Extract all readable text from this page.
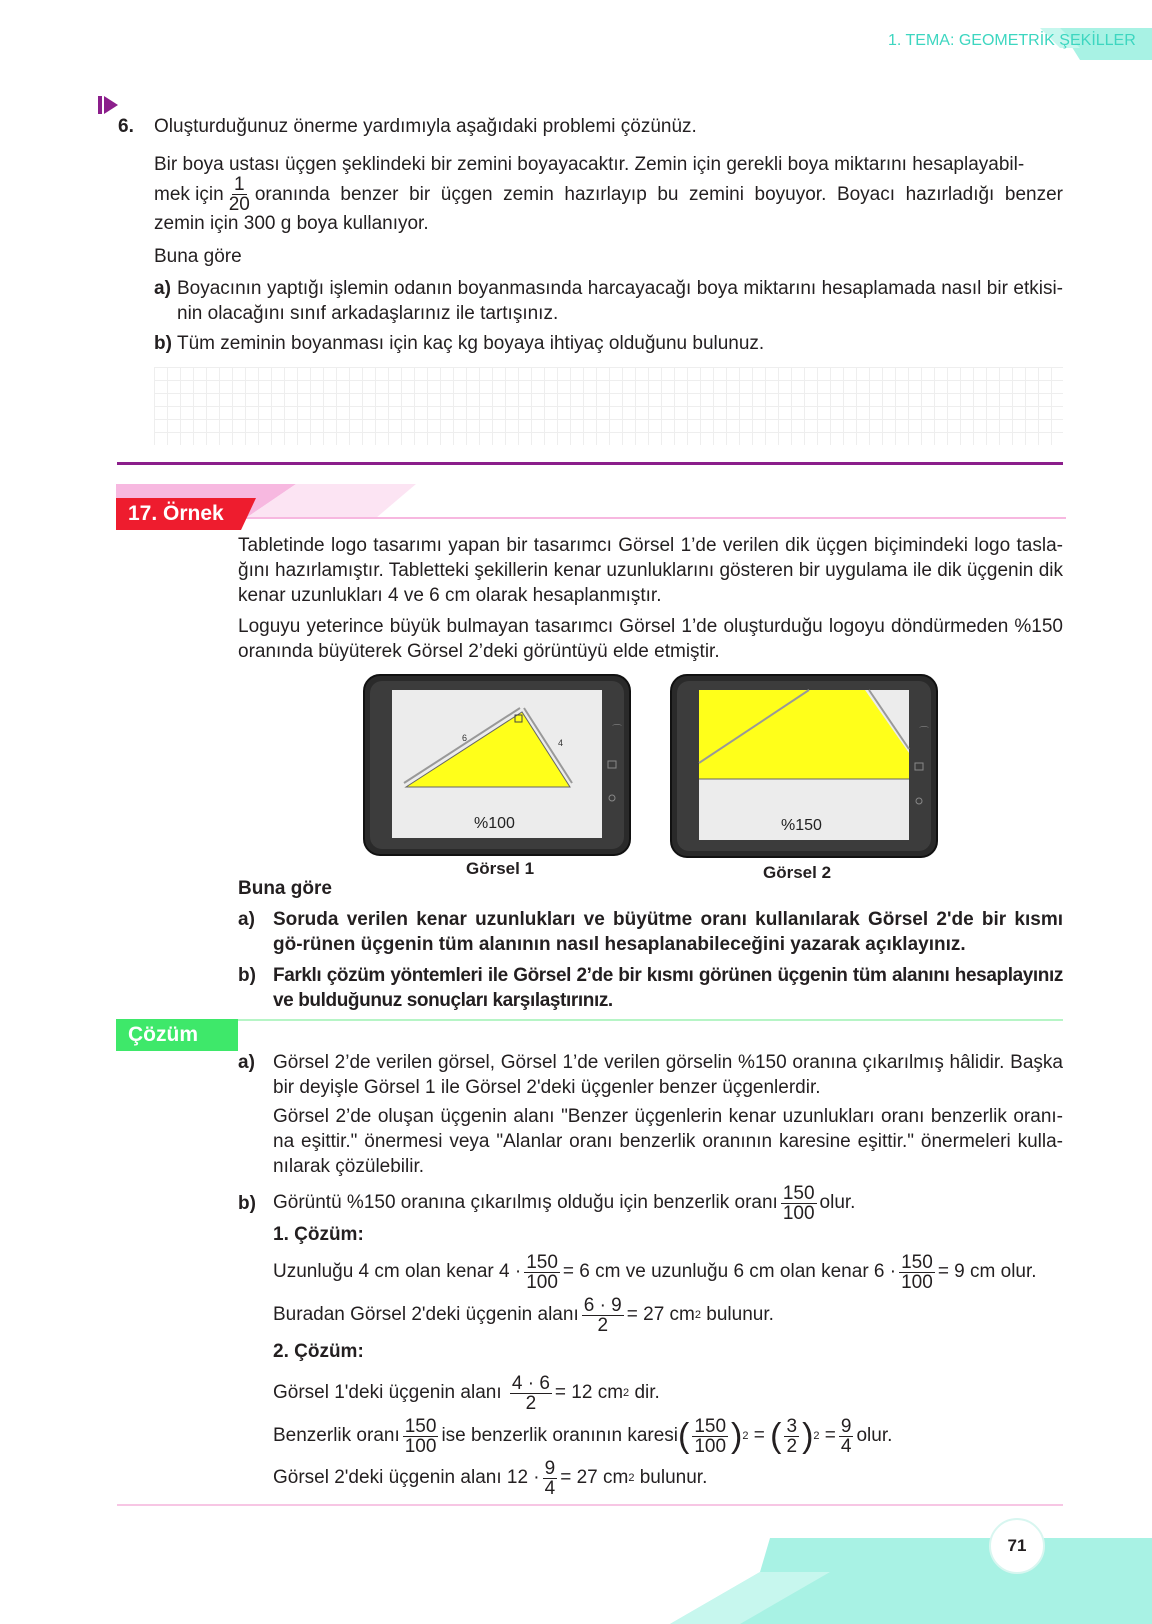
1. TEMA: GEOMETRİK ŞEKİLLER
6. Oluşturduğunuz önerme yardımıyla aşağıdaki problemi çözünüz.
Bir boya ustası üçgen şeklindeki bir zemini boyayacaktır. Zemin için gerekli boya miktarını hesaplayabil-
mek için $\frac{1}{20}$ oranında benzer bir üçgen zemin hazırlayıp bu zemini boyuyor. Boyacı hazırladığı benzer
zemin için 300 g boya kullanıyor.
Buna göre
a) Boyacının yaptığı işlemin odanın boyanmasında harcayacağı boya miktarını hesaplamada nasıl bir etkisi-nin olacağını sınıf arkadaşlarınız ile tartışınız.
b) Tüm zeminin boyanması için kaç kg boyaya ihtiyaç olduğunu bulunuz.
17. Örnek
Tabletinde logo tasarımı yapan bir tasarımcı Görsel 1’de verilen dik üçgen biçimindeki logo tasla-ğını hazırlamıştır. Tabletteki şekillerin kenar uzunluklarını gösteren bir uygulama ile dik üçgenin dik kenar uzunlukları 4 ve 6 cm olarak hesaplanmıştır.
Loguyu yeterince büyük bulmayan tasarımcı Görsel 1’de oluşturduğu logoyu döndürmeden %150 oranında büyüterek Görsel 2’deki görüntüyü elde etmiştir.
6	4
%100
⌒
Görsel 1
%150
⌒
Görsel 2
Buna göre
a) Soruda verilen kenar uzunlukları ve büyütme oranı kullanılarak Görsel 2'de bir kısmı gö-rünen üçgenin tüm alanının nasıl hesaplanabileceğini yazarak açıklayınız.
b) Farklı çözüm yöntemleri ile Görsel 2’de bir kısmı görünen üçgenin tüm alanını hesaplayınız ve bulduğunuz sonuçları karşılaştırınız.
Çözüm
a) Görsel 2’de verilen görsel, Görsel 1’de verilen görselin %150 oranına çıkarılmış hâlidir. Başka bir deyişle Görsel 1 ile Görsel 2'deki üçgenler benzer üçgenlerdir.
Görsel 2’de oluşan üçgenin alanı "Benzer üçgenlerin kenar uzunlukları oranı benzerlik oranı-na eşittir." önermesi veya "Alanlar oranı benzerlik oranının karesine eşittir." önermeleri kulla-nılarak çözülebilir.
b) Görüntü %150 oranına çıkarılmış olduğu için benzerlik oranı $\frac{150}{100}$ olur.
1. Çözüm:
Uzunluğu 4 cm olan kenar $4 \cdot \frac{150}{100} = 6$ cm ve uzunluğu 6 cm olan kenar $6 \cdot \frac{150}{100} = 9$ cm olur.
Buradan Görsel 2'deki üçgenin alanı $\frac{6 \cdot 9}{2} = 27$ cm 2
bulunur.
2. Çözüm:
Görsel 1'deki üçgenin alanı
$\frac{4 \cdot 6}{2} = 12$ cm 2
dir.
Benzerlik oranı $\frac{150}{100}$ ise benzerlik oranının karesi ( $\frac{150}{100}$ ) 2 = ( $\frac{3}{2}$ ) $2 = \frac{9}{4}$ olur.
Görsel 2'deki üçgenin alanı $12 \cdot \frac{9}{4} = 27$ cm 2
bulunur.
71
